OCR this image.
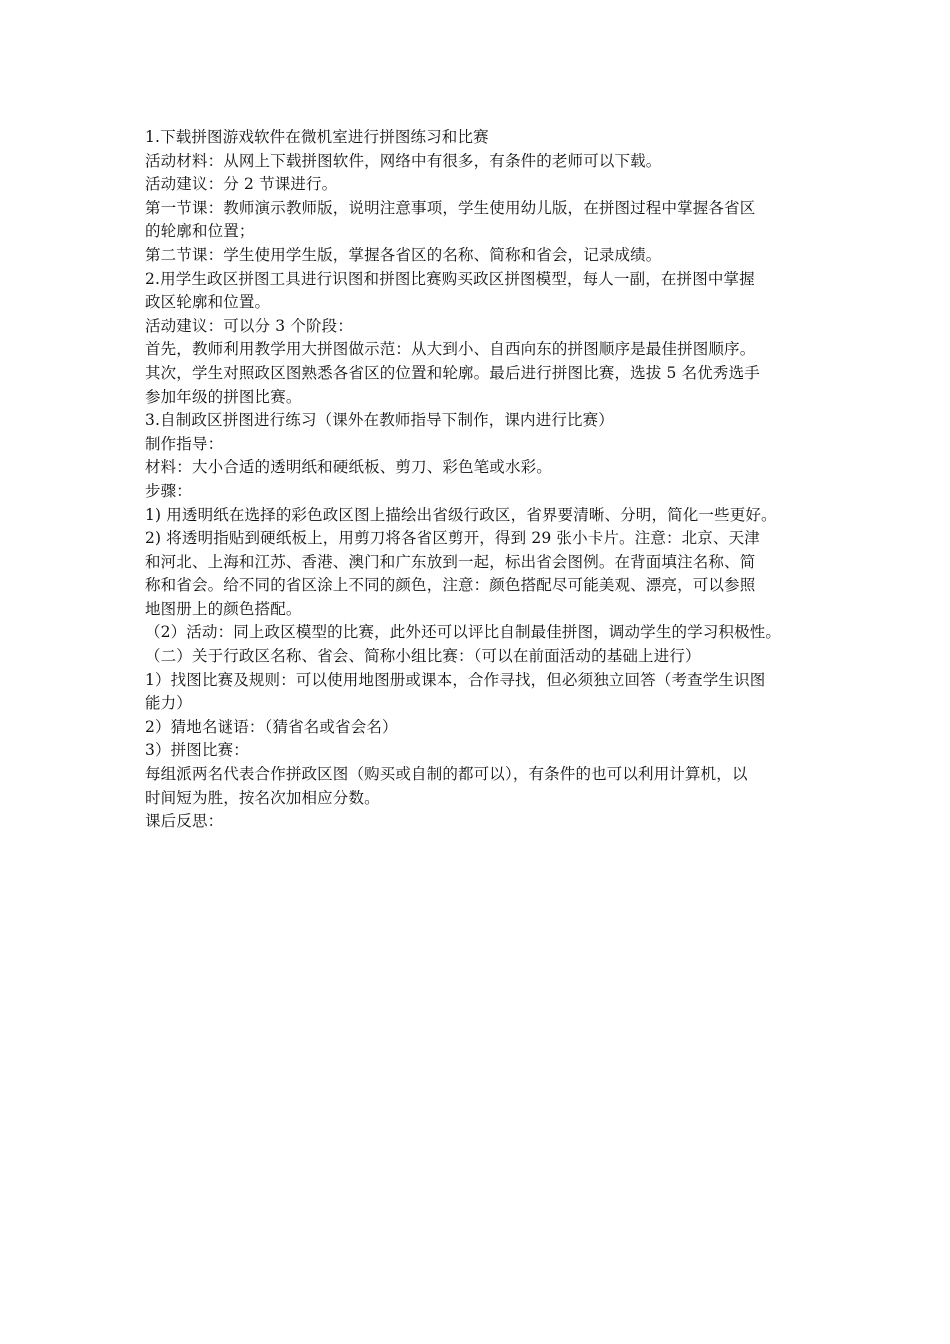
1.下载拼图游戏软件在微机室进行拼图练习和比赛
活动材料：从网上下载拼图软件，网络中有很多，有条件的老师可以下载。
活动建议：分 2 节课进行。
第一节课：教师演示教师版，说明注意事项，学生使用幼儿版，在拼图过程中掌握各省区
的轮廓和位置；
第二节课：学生使用学生版，掌握各省区的名称、简称和省会，记录成绩。
2.用学生政区拼图工具进行识图和拼图比赛购买政区拼图模型，每人一副，在拼图中掌握
政区轮廓和位置。
活动建议：可以分 3 个阶段：
首先，教师利用教学用大拼图做示范：从大到小、自西向东的拼图顺序是最佳拼图顺序。
其次，学生对照政区图熟悉各省区的位置和轮廓。最后进行拼图比赛，选拔 5 名优秀选手
参加年级的拼图比赛。
3.自制政区拼图进行练习（课外在教师指导下制作，课内进行比赛）
制作指导：
材料：大小合适的透明纸和硬纸板、剪刀、彩色笔或水彩。
步骤：
1) 用透明纸在选择的彩色政区图上描绘出省级行政区，省界要清晰、分明，简化一些更好。
2) 将透明指贴到硬纸板上，用剪刀将各省区剪开，得到 29 张小卡片。注意：北京、天津
和河北、上海和江苏、香港、澳门和广东放到一起，标出省会图例。在背面填注名称、简
称和省会。给不同的省区涂上不同的颜色，注意：颜色搭配尽可能美观、漂亮，可以参照
地图册上的颜色搭配。
（2）活动：同上政区模型的比赛，此外还可以评比自制最佳拼图，调动学生的学习积极性。
（二）关于行政区名称、省会、简称小组比赛：（可以在前面活动的基础上进行）
1）找图比赛及规则：可以使用地图册或课本，合作寻找，但必须独立回答（考查学生识图
能力）
2）猜地名谜语：（猜省名或省会名）
3）拼图比赛：
每组派两名代表合作拼政区图（购买或自制的都可以），有条件的也可以利用计算机，以
时间短为胜，按名次加相应分数。
课后反思：
